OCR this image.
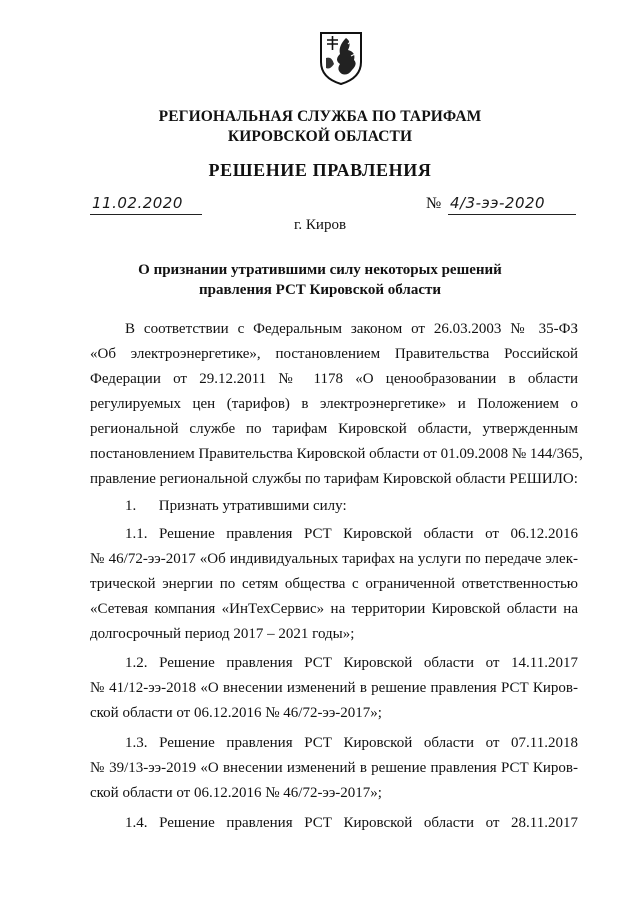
РЕГИОНАЛЬНАЯ СЛУЖБА ПО ТАРИФАМ
КИРОВСКОЙ ОБЛАСТИ
РЕШЕНИЕ ПРАВЛЕНИЯ
11.02.2020	№ 4/3-ээ-2020
г. Киров
О признании утратившими силу некоторых решений
правления РСТ Кировской области
В соответствии с Федеральным законом от 26.03.2003 № 35-ФЗ
«Об электроэнергетике», постановлением Правительства Российской
Федерации от 29.12.2011 № 1178 «О ценообразовании в области
регулируемых цен (тарифов) в электроэнергетике» и Положением о
региональной службе по тарифам Кировской области, утвержденным
постановлением Правительства Кировской области от 01.09.2008 № 144/365,
правление региональной службы по тарифам Кировской области РЕШИЛО:
1.      Признать утратившими силу:
1.1. Решение правления РСТ Кировской области от 06.12.2016
№ 46/72-ээ-2017 «Об индивидуальных тарифах на услуги по передаче элек-
трической энергии по сетям общества с ограниченной ответственностью
«Сетевая компания «ИнТехСервис» на территории Кировской области на
долгосрочный период 2017 – 2021 годы»;
1.2. Решение правления РСТ Кировской области от 14.11.2017
№ 41/12-ээ-2018 «О внесении изменений в решение правления РСТ Киров-
ской области от 06.12.2016 № 46/72-ээ-2017»;
1.3. Решение правления РСТ Кировской области от 07.11.2018
№ 39/13-ээ-2019 «О внесении изменений в решение правления РСТ Киров-
ской области от 06.12.2016 № 46/72-ээ-2017»;
1.4. Решение правления РСТ Кировской области от 28.11.2017
